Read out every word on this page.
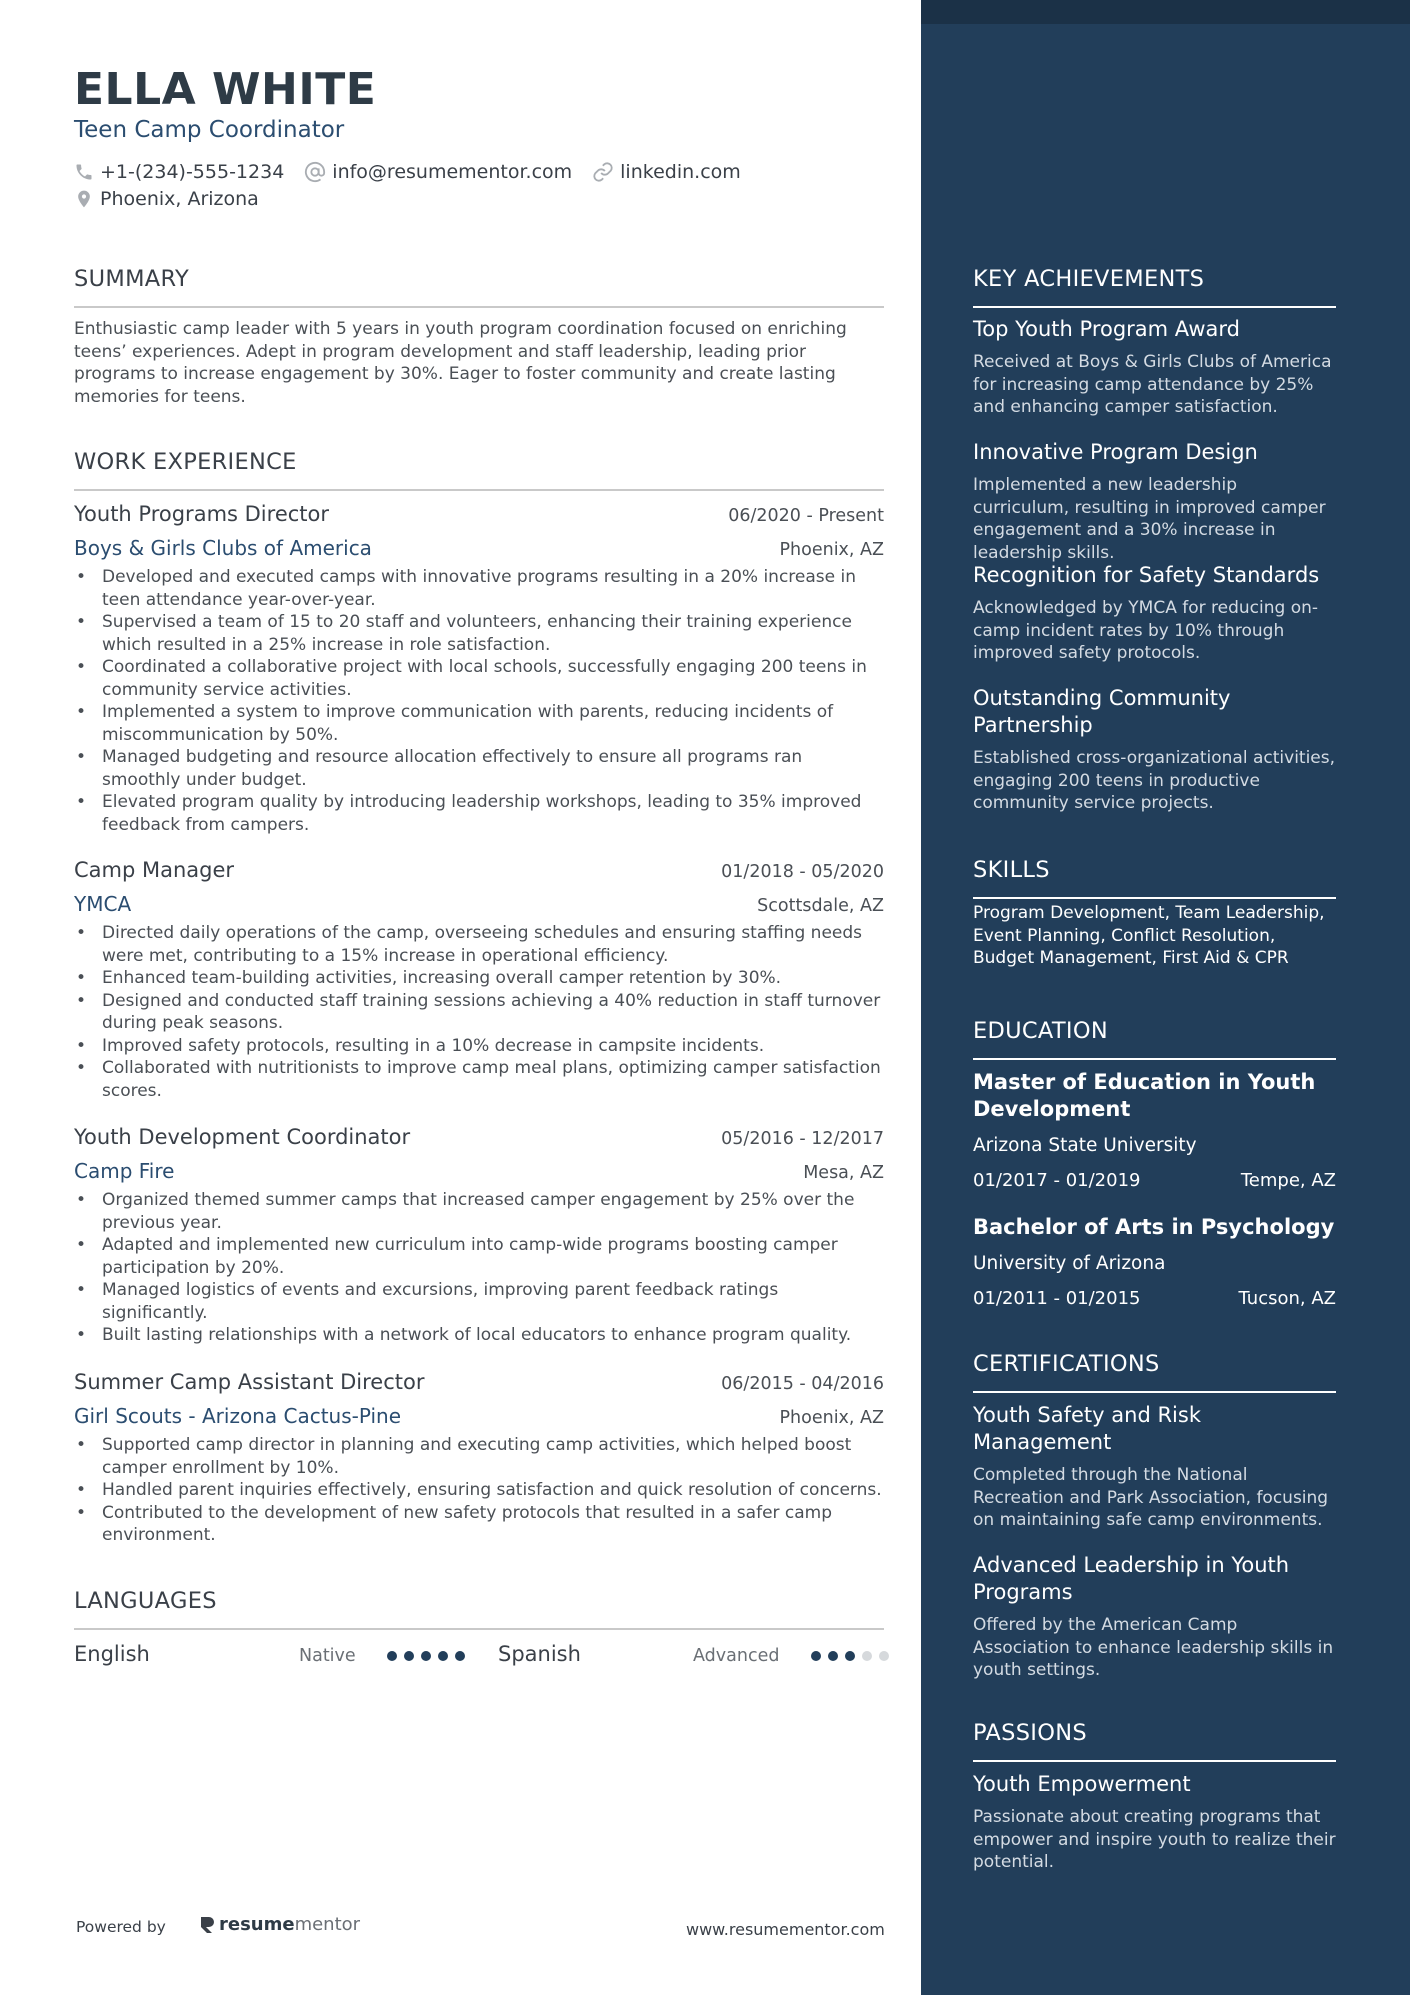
ELLA WHITE
Teen Camp Coordinator
+1-(234)-555-1234	info@resumementor.com	linkedin.com
Phoenix, Arizona
SUMMARY
Enthusiastic camp leader with 5 years in youth program coordination focused on enriching teens’ experiences. Adept in program development and staff leadership, leading prior programs to increase engagement by 30%. Eager to foster community and create lasting memories for teens.
WORK EXPERIENCE
Youth Programs Director	06/2020 - Present
Boys & Girls Clubs of America	Phoenix, AZ
• Developed and executed camps with innovative programs resulting in a 20% increase in teen attendance year-over-year.
• Supervised a team of 15 to 20 staff and volunteers, enhancing their training experience which resulted in a 25% increase in role satisfaction.
• Coordinated a collaborative project with local schools, successfully engaging 200 teens in community service activities.
• Implemented a system to improve communication with parents, reducing incidents of miscommunication by 50%.
• Managed budgeting and resource allocation effectively to ensure all programs ran smoothly under budget.
• Elevated program quality by introducing leadership workshops, leading to 35% improved feedback from campers.
Camp Manager	01/2018 - 05/2020
YMCA	Scottsdale, AZ
• Directed daily operations of the camp, overseeing schedules and ensuring staffing needs were met, contributing to a 15% increase in operational efficiency.
• Enhanced team-building activities, increasing overall camper retention by 30%.
• Designed and conducted staff training sessions achieving a 40% reduction in staff turnover during peak seasons.
• Improved safety protocols, resulting in a 10% decrease in campsite incidents.
• Collaborated with nutritionists to improve camp meal plans, optimizing camper satisfaction scores.
Youth Development Coordinator	05/2016 - 12/2017
Camp Fire	Mesa, AZ
• Organized themed summer camps that increased camper engagement by 25% over the previous year.
• Adapted and implemented new curriculum into camp-wide programs boosting camper participation by 20%.
• Managed logistics of events and excursions, improving parent feedback ratings significantly.
• Built lasting relationships with a network of local educators to enhance program quality.
Summer Camp Assistant Director	06/2015 - 04/2016
Girl Scouts - Arizona Cactus-Pine	Phoenix, AZ
• Supported camp director in planning and executing camp activities, which helped boost camper enrollment by 10%.
• Handled parent inquiries effectively, ensuring satisfaction and quick resolution of concerns.
• Contributed to the development of new safety protocols that resulted in a safer camp environment.
LANGUAGES
English	Native	Spanish	Advanced
Powered by	resume mentor	www.resumementor.com
KEY ACHIEVEMENTS
Top Youth Program Award
Received at Boys & Girls Clubs of America for increasing camp attendance by 25% and enhancing camper satisfaction.
Innovative Program Design
Implemented a new leadership curriculum, resulting in improved camper engagement and a 30% increase in leadership skills.
Recognition for Safety Standards
Acknowledged by YMCA for reducing on-camp incident rates by 10% through improved safety protocols.
Outstanding Community Partnership
Established cross-organizational activities, engaging 200 teens in productive community service projects.
SKILLS
Program Development, Team Leadership, Event Planning, Conflict Resolution, Budget Management, First Aid & CPR
EDUCATION
Master of Education in Youth Development
Arizona State University
01/2017 - 01/2019	Tempe, AZ
Bachelor of Arts in Psychology
University of Arizona
01/2011 - 01/2015	Tucson, AZ
CERTIFICATIONS
Youth Safety and Risk Management
Completed through the National Recreation and Park Association, focusing on maintaining safe camp environments.
Advanced Leadership in Youth Programs
Offered by the American Camp Association to enhance leadership skills in youth settings.
PASSIONS
Youth Empowerment
Passionate about creating programs that empower and inspire youth to realize their potential.
